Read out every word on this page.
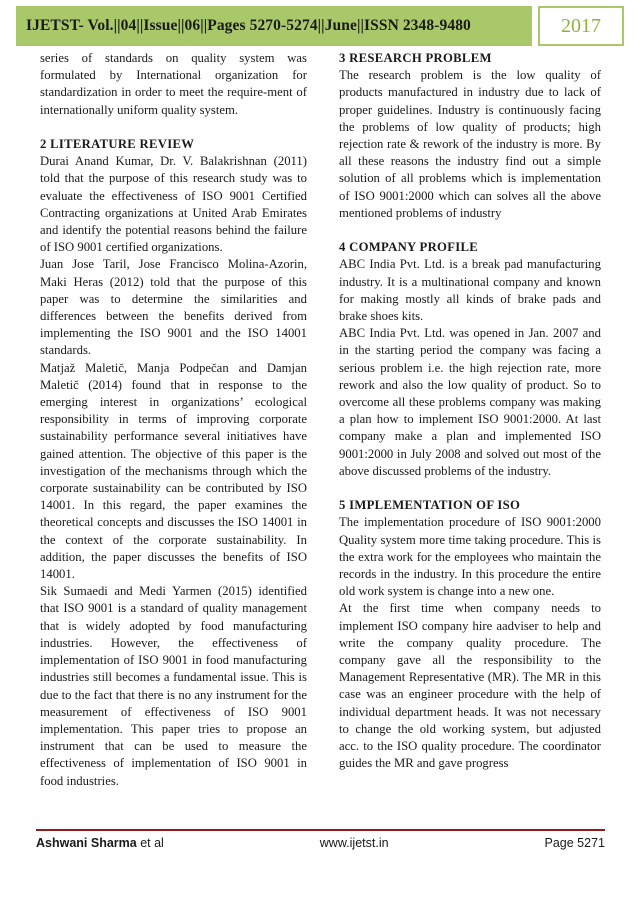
IJETST- Vol.||04||Issue||06||Pages 5270-5274||June||ISSN 2348-9480	2017

series of standards on quality system was formulated by International organization for standardization in order to meet the require-ment of internationally uniform quality system.

2 LITERATURE REVIEW

Durai Anand Kumar, Dr. V. Balakrishnan (2011) told that the purpose of this research study was to evaluate the effectiveness of ISO 9001 Certified Contracting organizations at United Arab Emirates and identify the potential reasons behind the failure of ISO 9001 certified organizations.

Juan Jose Taril, Jose Francisco Molina-Azorin, Maki Heras (2012) told that the purpose of this paper was to determine the similarities and differences between the benefits derived from implementing the ISO 9001 and the ISO 14001 standards.

Matjaž Maletič, Manja Podpečan and Damjan Maletič (2014) found that in response to the emerging interest in organizations’ ecological responsibility in terms of improving corporate sustainability performance several initiatives have gained attention. The objective of this paper is the investigation of the mechanisms through which the corporate sustainability can be contributed by ISO 14001. In this regard, the paper examines the theoretical concepts and discusses the ISO 14001 in the context of the corporate sustainability. In addition, the paper discusses the benefits of ISO 14001.

Sik Sumaedi and Medi Yarmen (2015) identified that ISO 9001 is a standard of quality management that is widely adopted by food manufacturing industries. However, the effectiveness of implementation of ISO 9001 in food manufacturing industries still becomes a fundamental issue. This is due to the fact that there is no any instrument for the measurement of effectiveness of ISO 9001 implementation. This paper tries to propose an instrument that can be used to measure the effectiveness of implementation of ISO 9001 in food industries.

3 RESEARCH PROBLEM

The research problem is the low quality of products manufactured in industry due to lack of proper guidelines. Industry is continuously facing the problems of low quality of products; high rejection rate & rework of the industry is more. By all these reasons the industry find out a simple solution of all problems which is implementation of ISO 9001:2000 which can solves all the above mentioned problems of industry

4 COMPANY PROFILE

ABC India Pvt. Ltd. is a break pad manufacturing industry. It is a multinational company and known for making mostly all kinds of brake pads and brake shoes kits.

ABC India Pvt. Ltd. was opened in Jan. 2007 and in the starting period the company was facing a serious problem i.e. the high rejection rate, more rework and also the low quality of product. So to overcome all these problems company was making a plan how to implement ISO 9001:2000. At last company make a plan and implemented ISO 9001:2000 in July 2008 and solved out most of the above discussed problems of the industry.

5 IMPLEMENTATION OF ISO

The implementation procedure of ISO 9001:2000 Quality system more time taking procedure. This is the extra work for the employees who maintain the records in the industry. In this procedure the entire old work system is change into a new one.

At the first time when company needs to implement ISO company hire aadviser to help and write the company quality procedure. The company gave all the responsibility to the Management Representative (MR). The MR in this case was an engineer procedure with the help of individual department heads. It was not necessary to change the old working system, but adjusted acc. to the ISO quality procedure. The coordinator guides the MR and gave progress

Ashwani Sharma et al	www.ijetst.in	Page 5271
